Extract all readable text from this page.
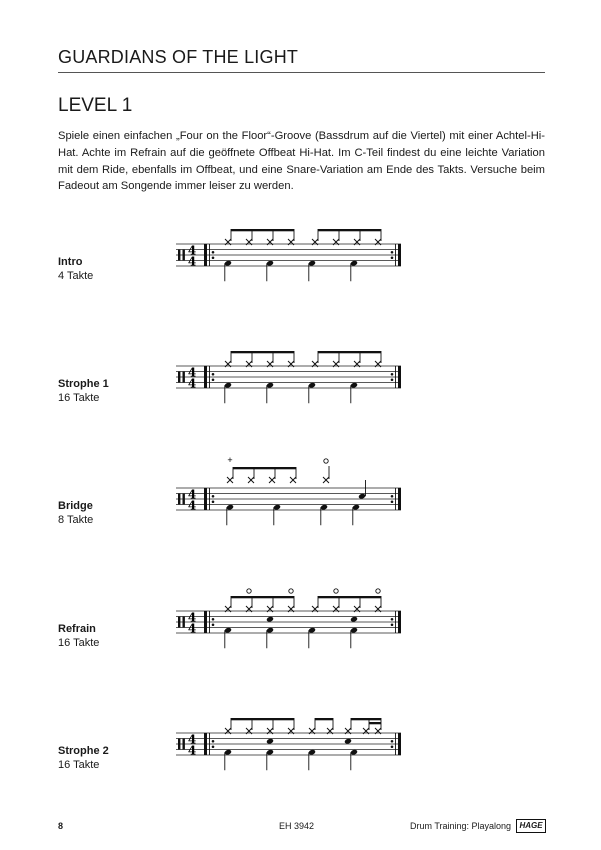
GUARDIANS OF THE LIGHT
LEVEL 1
Spiele einen einfachen „Four on the Floor“-Groove (Bassdrum auf die Viertel) mit einer Achtel-Hi-Hat. Achte im Refrain auf die geöffnete Offbeat Hi-Hat. Im C-Teil findest du eine leichte Variation mit dem Ride, ebenfalls im Offbeat, und eine Snare-Variation am Ende des Takts. Versuche beim Fadeout am Songende immer leiser zu werden.
Intro
4 Takte
Strophe 1
16 Takte
Bridge
8 Takte
Refrain
16 Takte
Strophe 2
16 Takte
4
4
4
4
4
4
+
4
4
4
4
8	EH 3942	Drum Training: Playalong	HAGE
